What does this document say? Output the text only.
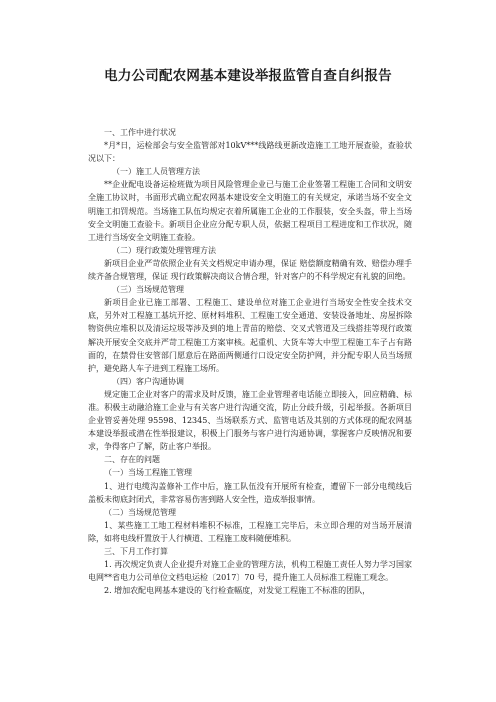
电力公司配农网基本建设举报监管自查自纠报告

一、工作中进行状况

*月*日，运检部会与安全监管部对10kV***线路线更新改造施工工地开展查验，查验状况以下：

（一）施工人员管理方法

**企业配电设备运检班做为项目风险管理企业已与施工企业签署工程施工合同和文明安全施工协议时，书面形式确立配农网基本建设安全文明施工的有关规定，承诺当场不安全文明施工扣罚规范。当场施工队伍均规定衣着所属施工企业的工作服装，安全头盔，带上当场安全文明施工查验卡。新项目企业应分配专职人员，依据工程项目工程进度和工作状况，随工进行当场安全文明施工查验。

（二）现行政策处理管理方法

新项目企业严苛依照企业有关文档规定申请办理，保证 赔偿额度精确有效、赔偿办理手续齐备合规管理，保证 现行政策解决商议合情合理，针对客户的不科学规定有礼貌的回绝。

（三）当场规范管理

新项目企业已施工部署、工程施工、建设单位对施工企业进行当场安全性安全技术交底，另外对工程施工基坑开挖、原材料堆积、工程施工安全通道、安装设备地址、房屋拆除物资供应堆积以及清运垃圾等涉及到的地上青苗的赔偿、交叉式管道及三线搭挂等现行政策解决开展安全交底并严苛工程施工方案审核。起重机、大货车等大中型工程施工车子占有路面的，在禁骨住安管部门愿意后在路面两侧通行口设定安全防护网，并分配专职人员当场照护，避免路人车子进到工程施工场所。

（四）客户沟通协调

规定施工企业对客户的需求及时反馈，施工企业管理者电话能立即接入，回应精确、标准。积极主动融洽施工企业与有关客户进行沟通交流，防止分歧升级，引起举报。各新项目企业管妥善处理 95598、12345、当场联系方式、监管电话及其别的方式体现的配农网基本建设举报或潜在性举报建议，积极上门服务与客户进行沟通协调，掌握客户反映情况和要求，争得客户了解，防止客户举报。

二、存在的问题

（一）当场工程施工管理

1、进行电缆沟盖修补工作中后，施工队伍没有开展所有检查，遭留下一部分电缆线后盖板未彻底封闭式，非常容易伤害到路人安全性，造成举报事情。

（二）当场规范管理

1、某些施工工地工程材料堆积不标准，工程施工完毕后，未立即合理的对当场开展清除，如将电线杆置放于人行横道、工程施工废料随便堆积。

三、下月工作打算

1. 再次规定负责人企业提升对施工企业的管理方法，机构工程施工责任人努力学习国家电网**省电力公司单位文档电运检〔2017〕70 号，提升施工人员标准工程施工观念。

2. 增加农配电网基本建设的飞行检查幅度，对发觉工程施工不标准的团队，
